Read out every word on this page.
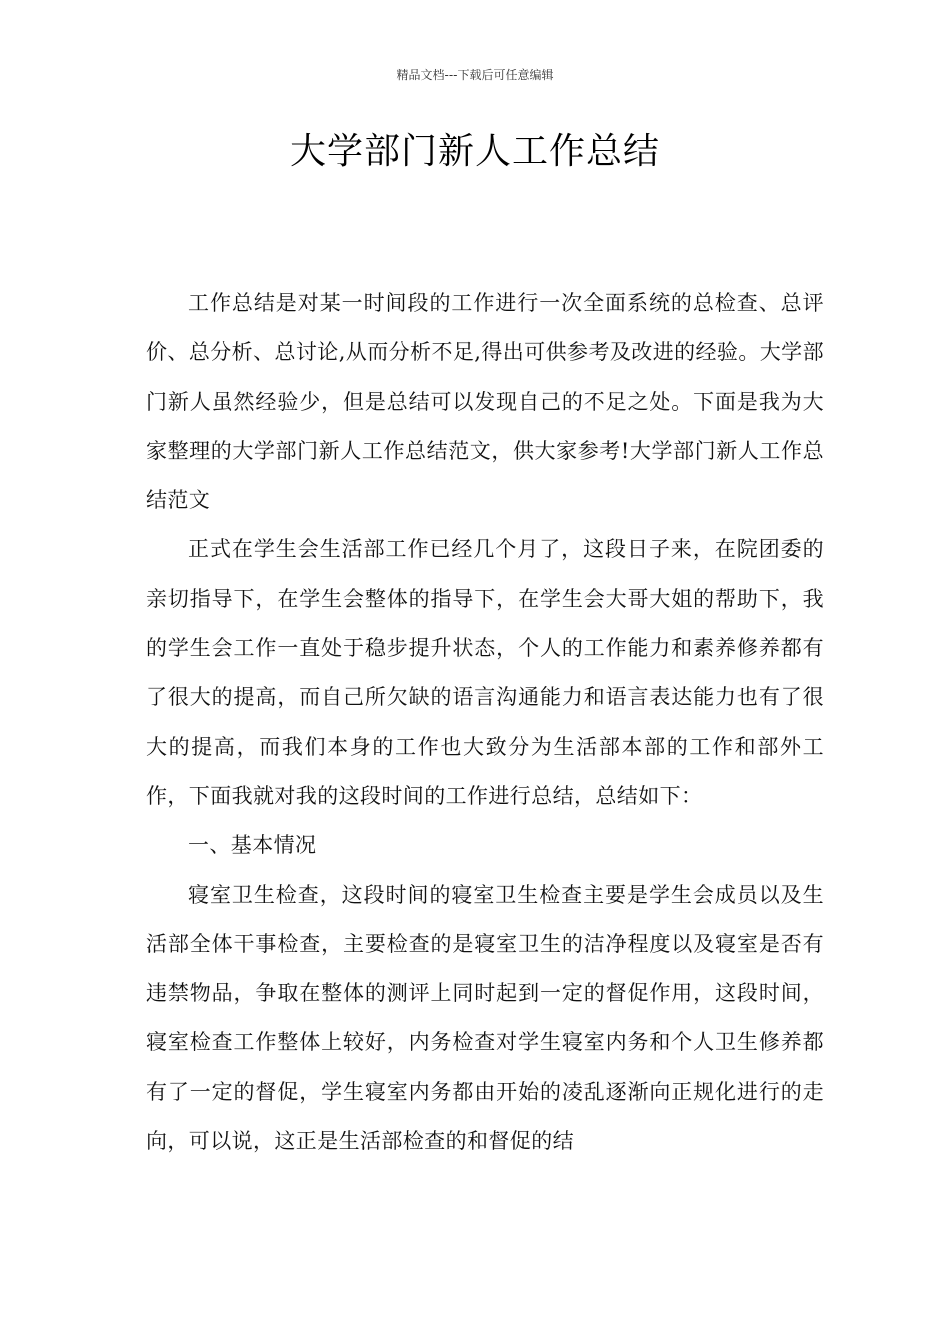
精品文档---下载后可任意编辑
大学部门新人工作总结

工作总结是对某一时间段的工作进行一次全面系统的总检查、总评价、总分析、总讨论,从而分析不足,得出可供参考及改进的经验。大学部门新人虽然经验少，但是总结可以发现自己的不足之处。下面是我为大家整理的大学部门新人工作总结范文，供大家参考!大学部门新人工作总结范文

正式在学生会生活部工作已经几个月了，这段日子来，在院团委的亲切指导下，在学生会整体的指导下，在学生会大哥大姐的帮助下，我的学生会工作一直处于稳步提升状态，个人的工作能力和素养修养都有了很大的提高，而自己所欠缺的语言沟通能力和语言表达能力也有了很大的提高，而我们本身的工作也大致分为生活部本部的工作和部外工作，下面我就对我的这段时间的工作进行总结，总结如下：

一、基本情况

寝室卫生检查，这段时间的寝室卫生检查主要是学生会成员以及生活部全体干事检查，主要检查的是寝室卫生的洁净程度以及寝室是否有违禁物品，争取在整体的测评上同时起到一定的督促作用，这段时间，寝室检查工作整体上较好，内务检查对学生寝室内务和个人卫生修养都有了一定的督促，学生寝室内务都由开始的凌乱逐渐向正规化进行的走向，可以说，这正是生活部检查的和督促的结
